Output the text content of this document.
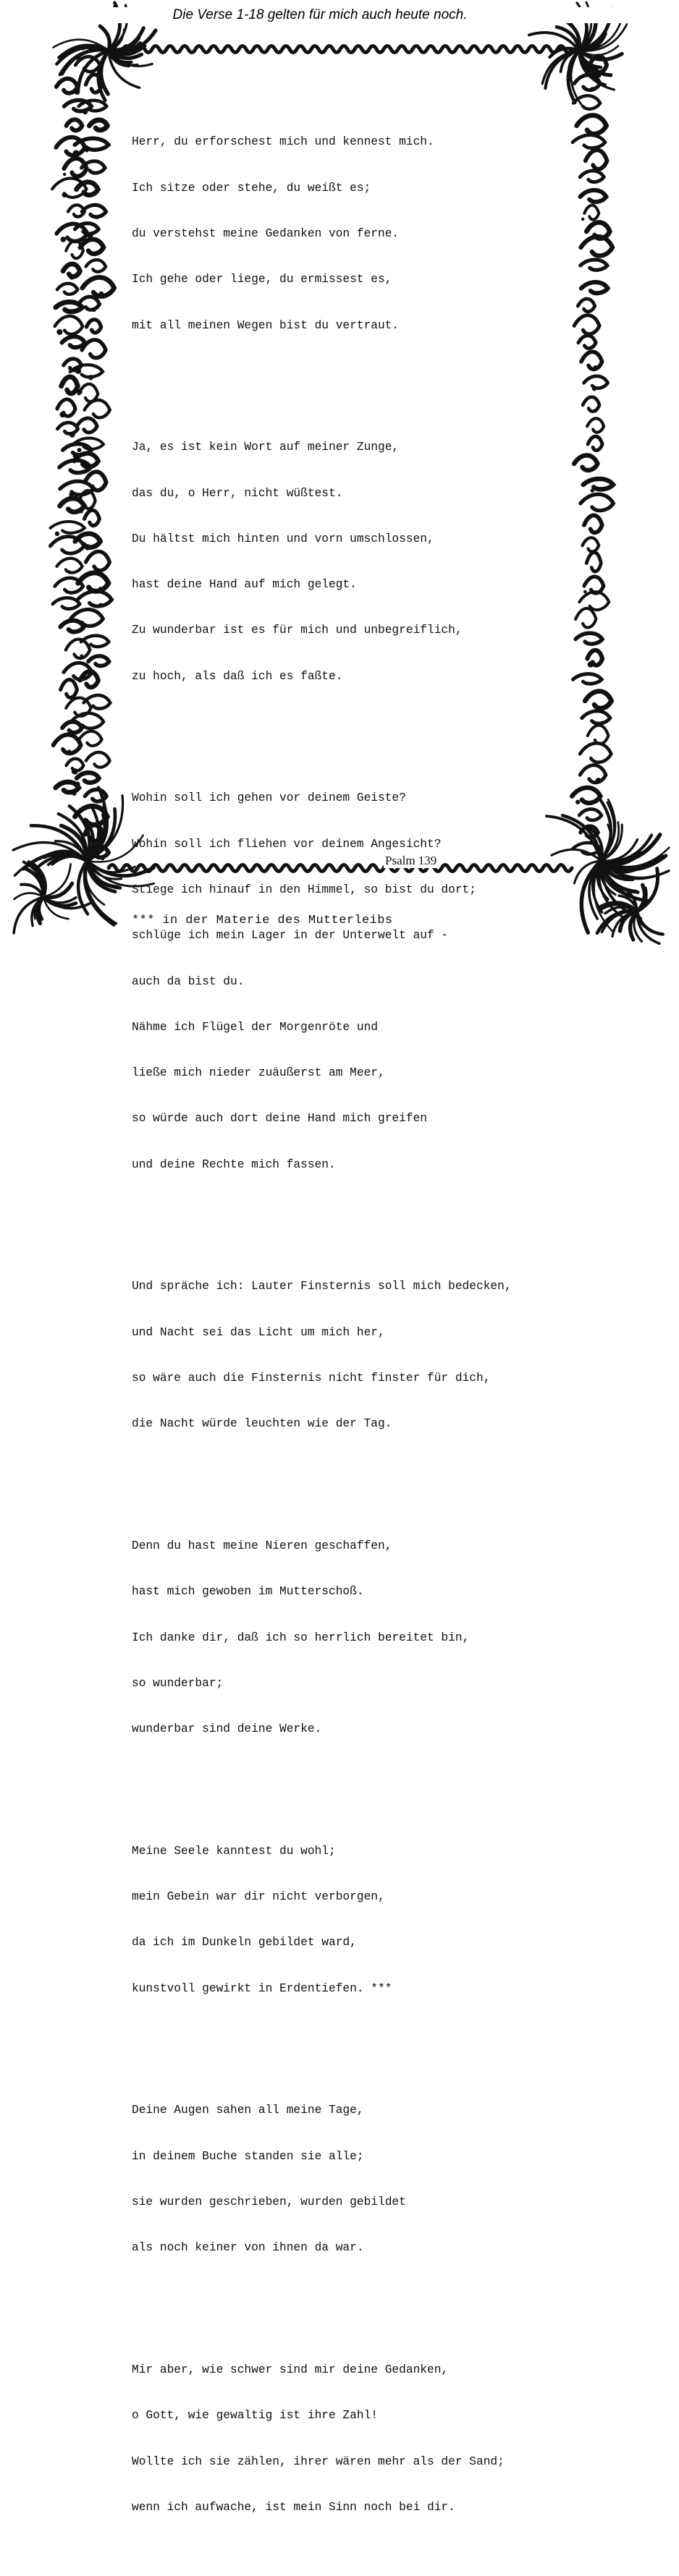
Die Verse 1-18 gelten für mich auch heute noch.

Herr, du erforschest mich und kennest mich.

Ich sitze oder stehe, du weißt es;

du verstehst meine Gedanken von ferne.

Ich gehe oder liege, du ermissest es,

mit all meinen Wegen bist du vertraut.

Ja, es ist kein Wort auf meiner Zunge,

das du, o Herr, nicht wüßtest.

Du hältst mich hinten und vorn umschlossen,

hast deine Hand auf mich gelegt.

Zu wunderbar ist es für mich und unbegreiflich,

zu hoch, als daß ich es faßte.

Wohin soll ich gehen vor deinem Geiste?

Wohin soll ich fliehen vor deinem Angesicht?

Stiege ich hinauf in den Himmel, so bist du dort;

schlüge ich mein Lager in der Unterwelt auf -

auch da bist du.

Nähme ich Flügel der Morgenröte und

ließe mich nieder zuäußerst am Meer,

so würde auch dort deine Hand mich greifen

und deine Rechte mich fassen.

Und spräche ich: Lauter Finsternis soll mich bedecken,

und Nacht sei das Licht um mich her,

so wäre auch die Finsternis nicht finster für dich,

die Nacht würde leuchten wie der Tag.

Denn du hast meine Nieren geschaffen,

hast mich gewoben im Mutterschoß.

Ich danke dir, daß ich so herrlich bereitet bin,

so wunderbar;

wunderbar sind deine Werke.

Meine Seele kanntest du wohl;

mein Gebein war dir nicht verborgen,

da ich im Dunkeln gebildet ward,

kunstvoll gewirkt in Erdentiefen. ***

Deine Augen sahen all meine Tage,

in deinem Buche standen sie alle;

sie wurden geschrieben, wurden gebildet

als noch keiner von ihnen da war.

Mir aber, wie schwer sind mir deine Gedanken,

o Gott, wie gewaltig ist ihre Zahl!

Wollte ich sie zählen, ihrer wären mehr als der Sand;

wenn ich aufwache, ist mein Sinn noch bei dir.

Psalm 139
*** in der Materie des Mutterleibs
